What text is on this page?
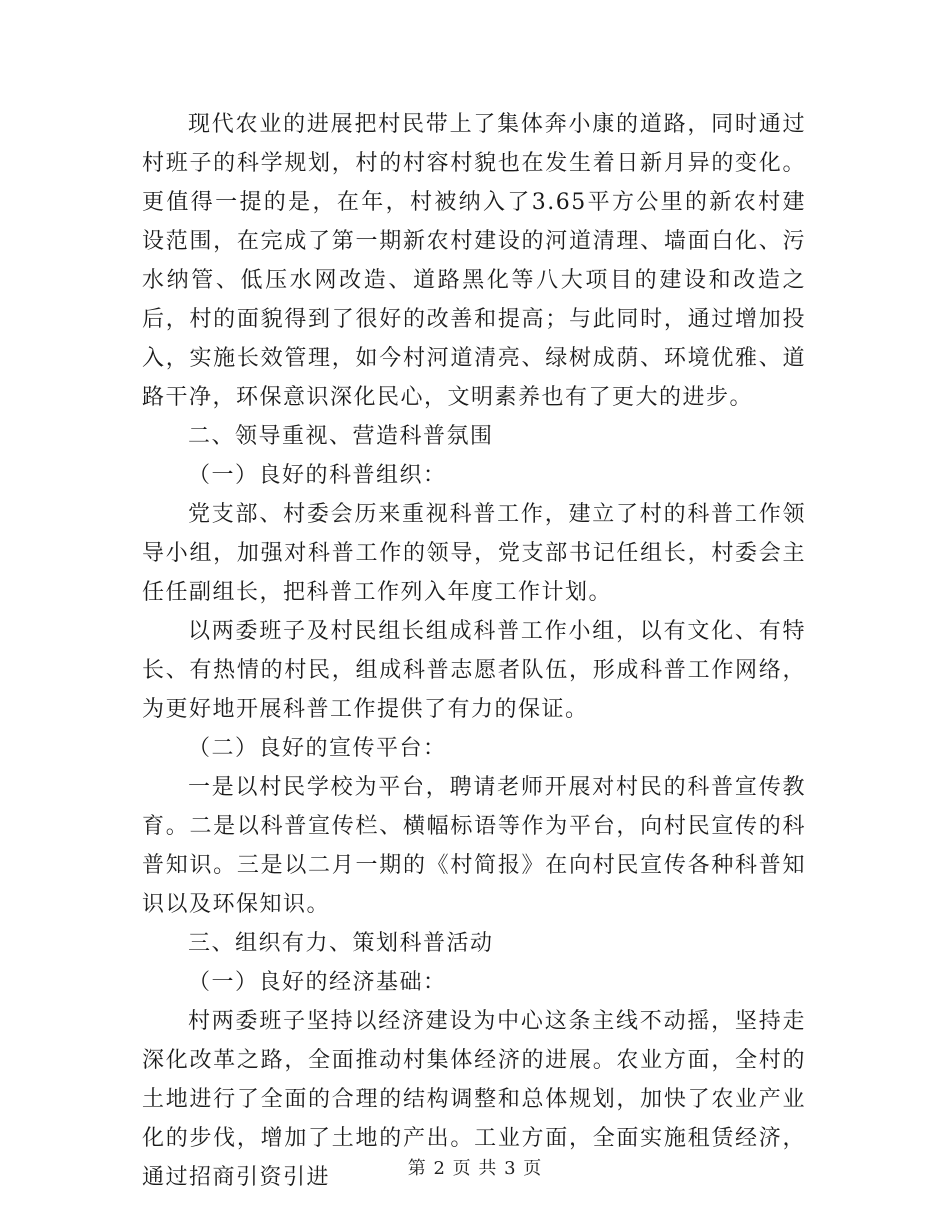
现代农业的进展把村民带上了集体奔小康的道路，同时通过村班子的科学规划，村的村容村貌也在发生着日新月异的变化。更值得一提的是，在年，村被纳入了3.65平方公里的新农村建设范围，在完成了第一期新农村建设的河道清理、墙面白化、污水纳管、低压水网改造、道路黑化等八大项目的建设和改造之后，村的面貌得到了很好的改善和提高；与此同时，通过增加投入，实施长效管理，如今村河道清亮、绿树成荫、环境优雅、道路干净，环保意识深化民心，文明素养也有了更大的进步。

二、领导重视、营造科普氛围

（一）良好的科普组织：

党支部、村委会历来重视科普工作，建立了村的科普工作领导小组，加强对科普工作的领导，党支部书记任组长，村委会主任任副组长，把科普工作列入年度工作计划。

以两委班子及村民组长组成科普工作小组，以有文化、有特长、有热情的村民，组成科普志愿者队伍，形成科普工作网络，为更好地开展科普工作提供了有力的保证。

（二）良好的宣传平台：

一是以村民学校为平台，聘请老师开展对村民的科普宣传教育。二是以科普宣传栏、横幅标语等作为平台，向村民宣传的科普知识。三是以二月一期的《村简报》在向村民宣传各种科普知识以及环保知识。

三、组织有力、策划科普活动

（一）良好的经济基础：

村两委班子坚持以经济建设为中心这条主线不动摇，坚持走深化改革之路，全面推动村集体经济的进展。农业方面，全村的土地进行了全面的合理的结构调整和总体规划，加快了农业产业化的步伐，增加了土地的产出。工业方面，全面实施租赁经济，通过招商引资引进	第 2 页 共 3 页
